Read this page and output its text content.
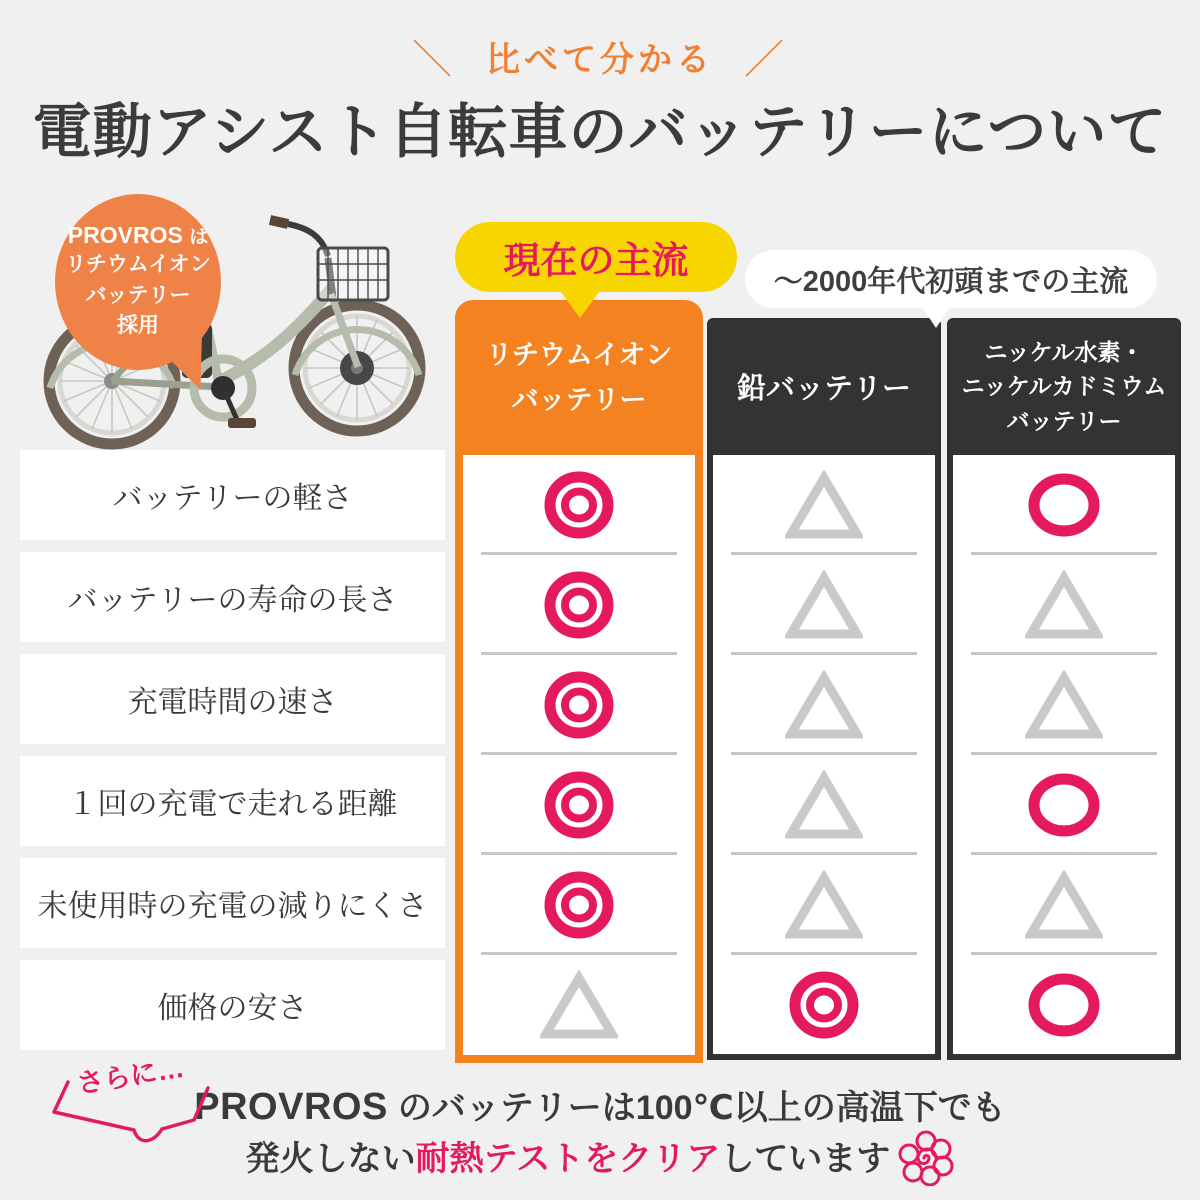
＼ 比べて分かる ／
電動アシスト自転車のバッテリーについて
PROVROS は
リチウムイオン
バッテリー
採用
現在の主流
～2000年代初頭までの主流
リチウムイオン
バッテリー	鉛バッテリー
ニッケル水素・
ニッケルカドミウム
バッテリー
バッテリーの軽さ
バッテリーの寿命の長さ
充電時間の速さ
１回の充電で走れる距離
未使用時の充電の減りにくさ
価格の安さ
さらに…
PROVROS のバッテリーは100℃以上の高温下でも
発火しない耐熱テストをクリアしています
